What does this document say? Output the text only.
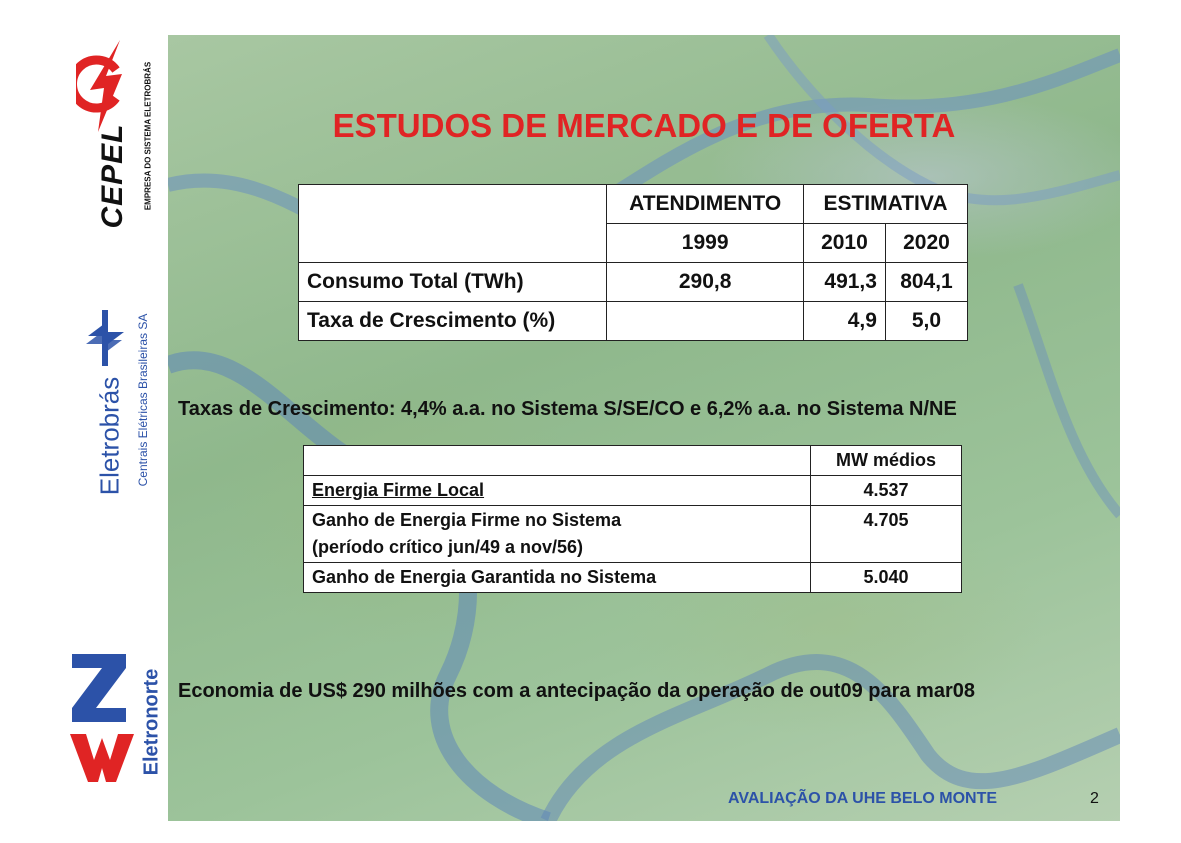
CEPEL EMPRESA DO SISTEMA ELETROBRÁS
Eletrobrás Centrais Elétricas Brasileiras SA
Eletronorte
ESTUDOS DE MERCADO E DE OFERTA
	ATENDIMENTO	ESTIMATIVA	
	1999	2010	2020
Consumo Total (TWh)	290,8	491,3	804,1
Taxa de Crescimento (%)		4,9	5,0

Taxas de Crescimento: 4,4% a.a. no Sistema S/SE/CO e 6,2% a.a. no Sistema N/NE

	MW médios
Energia Firme Local	4.537

Ganho de Energia Firme no Sistema
(período crítico jun/49 a nov/56)	4.705
Ganho de Energia Garantida no Sistema	5.040

Economia de US$ 290 milhões com a antecipação da operação de out09 para mar08

AVALIAÇÃO DA UHE BELO MONTE	2
